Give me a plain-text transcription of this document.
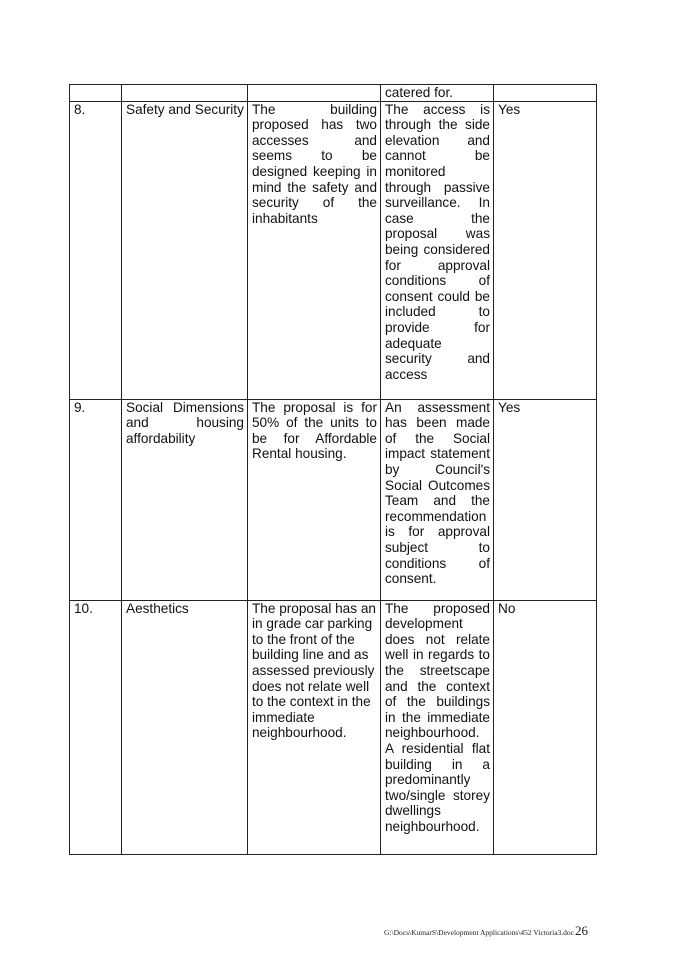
			catered for.	
8.	Safety and Security	The building proposed has two accesses and seems to be designed keeping in mind the safety and security of the inhabitants	The access is through the side elevation and cannot be monitored through passive surveillance. In case the proposal was being considered for approval conditions of consent could be included to provide for adequate security and access	Yes
9.	Social Dimensions and housing affordability	The proposal is for 50% of the units to be for Affordable Rental housing.	An assessment has been made of the Social impact statement by Council's Social Outcomes Team and the recommendation is for approval subject to conditions of consent.	Yes
10.	Aesthetics	The proposal has an in grade car parking to the front of the building line and as assessed previously does not relate well to the context in the immediate neighbourhood.	The proposed development does not relate well in regards to the streetscape and the context of the buildings in the immediate neighbourhood. A residential flat building in a predominantly two/single storey dwellings neighbourhood.	No
G:\Docs\KumarS\Development Applications\452 Victoria3.doc 26
